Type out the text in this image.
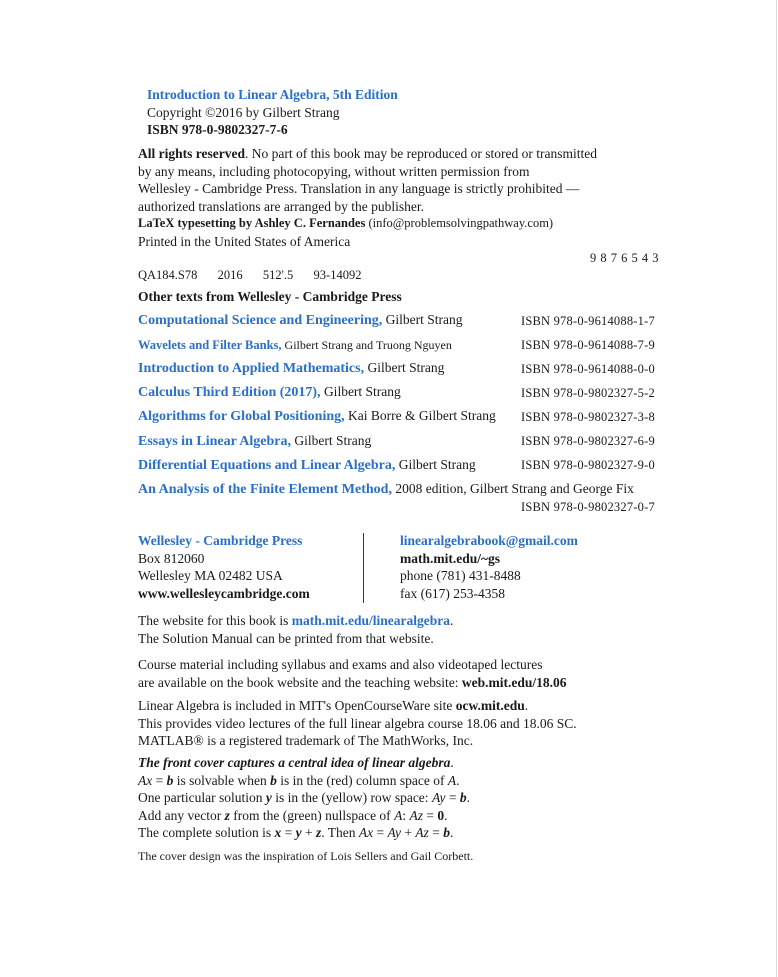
Introduction to Linear Algebra, 5th Edition
Copyright ©2016 by Gilbert Strang
ISBN 978-0-9802327-7-6
All rights reserved. No part of this book may be reproduced or stored or transmitted
by any means, including photocopying, without written permission from
Wellesley - Cambridge Press. Translation in any language is strictly prohibited —
authorized translations are arranged by the publisher.
LaTeX typesetting by Ashley C. Fernandes (info@problemsolvingpathway.com)
Printed in the United States of America
9 8 7 6 5 4 3
QA184.S78 2016 512'.5 93-14092
Other texts from Wellesley - Cambridge Press
Computational Science and Engineering, Gilbert Strang	ISBN 978-0-9614088-1-7
Wavelets and Filter Banks, Gilbert Strang and Truong Nguyen	ISBN 978-0-9614088-7-9
Introduction to Applied Mathematics, Gilbert Strang	ISBN 978-0-9614088-0-0
Calculus Third Edition (2017), Gilbert Strang	ISBN 978-0-9802327-5-2
Algorithms for Global Positioning, Kai Borre & Gilbert Strang ISBN 978-0-9802327-3-8
Essays in Linear Algebra, Gilbert Strang	ISBN 978-0-9802327-6-9
Differential Equations and Linear Algebra, Gilbert Strang	ISBN 978-0-9802327-9-0
An Analysis of the Finite Element Method, 2008 edition, Gilbert Strang and George Fix
ISBN 978-0-9802327-0-7
Wellesley - Cambridge Press
Box 812060
Wellesley MA 02482 USA
www.wellesleycambridge.com
linearalgebrabook@gmail.com
math.mit.edu/~gs
phone (781) 431-8488
fax (617) 253-4358
The website for this book is math.mit.edu/linearalgebra.
The Solution Manual can be printed from that website.
Course material including syllabus and exams and also videotaped lectures
are available on the book website and the teaching website: web.mit.edu/18.06
Linear Algebra is included in MIT's OpenCourseWare site ocw.mit.edu.
This provides video lectures of the full linear algebra course 18.06 and 18.06 SC.
MATLAB® is a registered trademark of The MathWorks, Inc.
The front cover captures a central idea of linear algebra.
Ax = b is solvable when b is in the (red) column space of A.
One particular solution y is in the (yellow) row space: Ay = b.
Add any vector z from the (green) nullspace of A: Az = 0.
The complete solution is x = y + z. Then Ax = Ay + Az = b.
The cover design was the inspiration of Lois Sellers and Gail Corbett.
